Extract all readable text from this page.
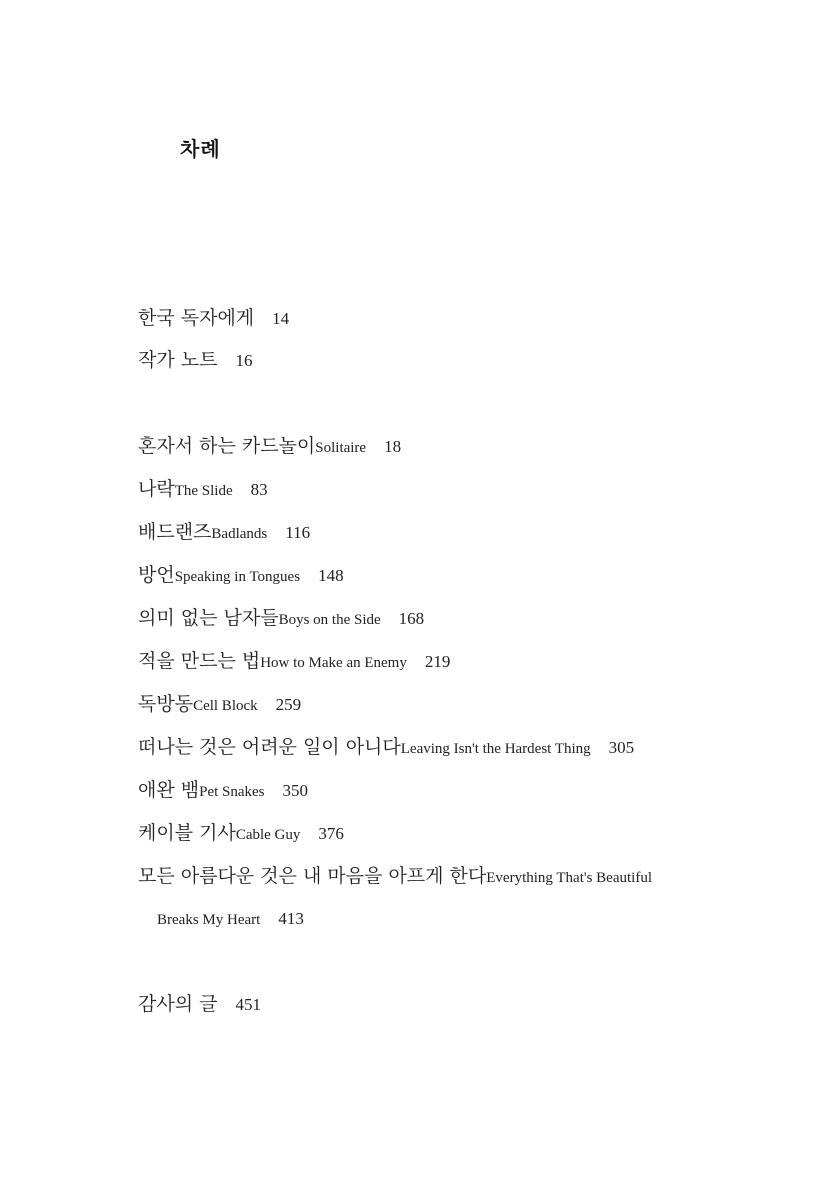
차례
한국 독자에게 14
작가 노트 16
혼자서 하는 카드놀이Solitaire 18
나락The Slide 83
배드랜즈Badlands 116
방언Speaking in Tongues 148
의미 없는 남자들Boys on the Side 168
적을 만드는 법How to Make an Enemy 219
독방동Cell Block 259
떠나는 것은 어려운 일이 아니다Leaving Isn't the Hardest Thing 305
애완 뱀Pet Snakes 350
케이블 기사Cable Guy 376
모든 아름다운 것은 내 마음을 아프게 한다Everything That's Beautiful
Breaks My Heart 413
감사의 글 451
